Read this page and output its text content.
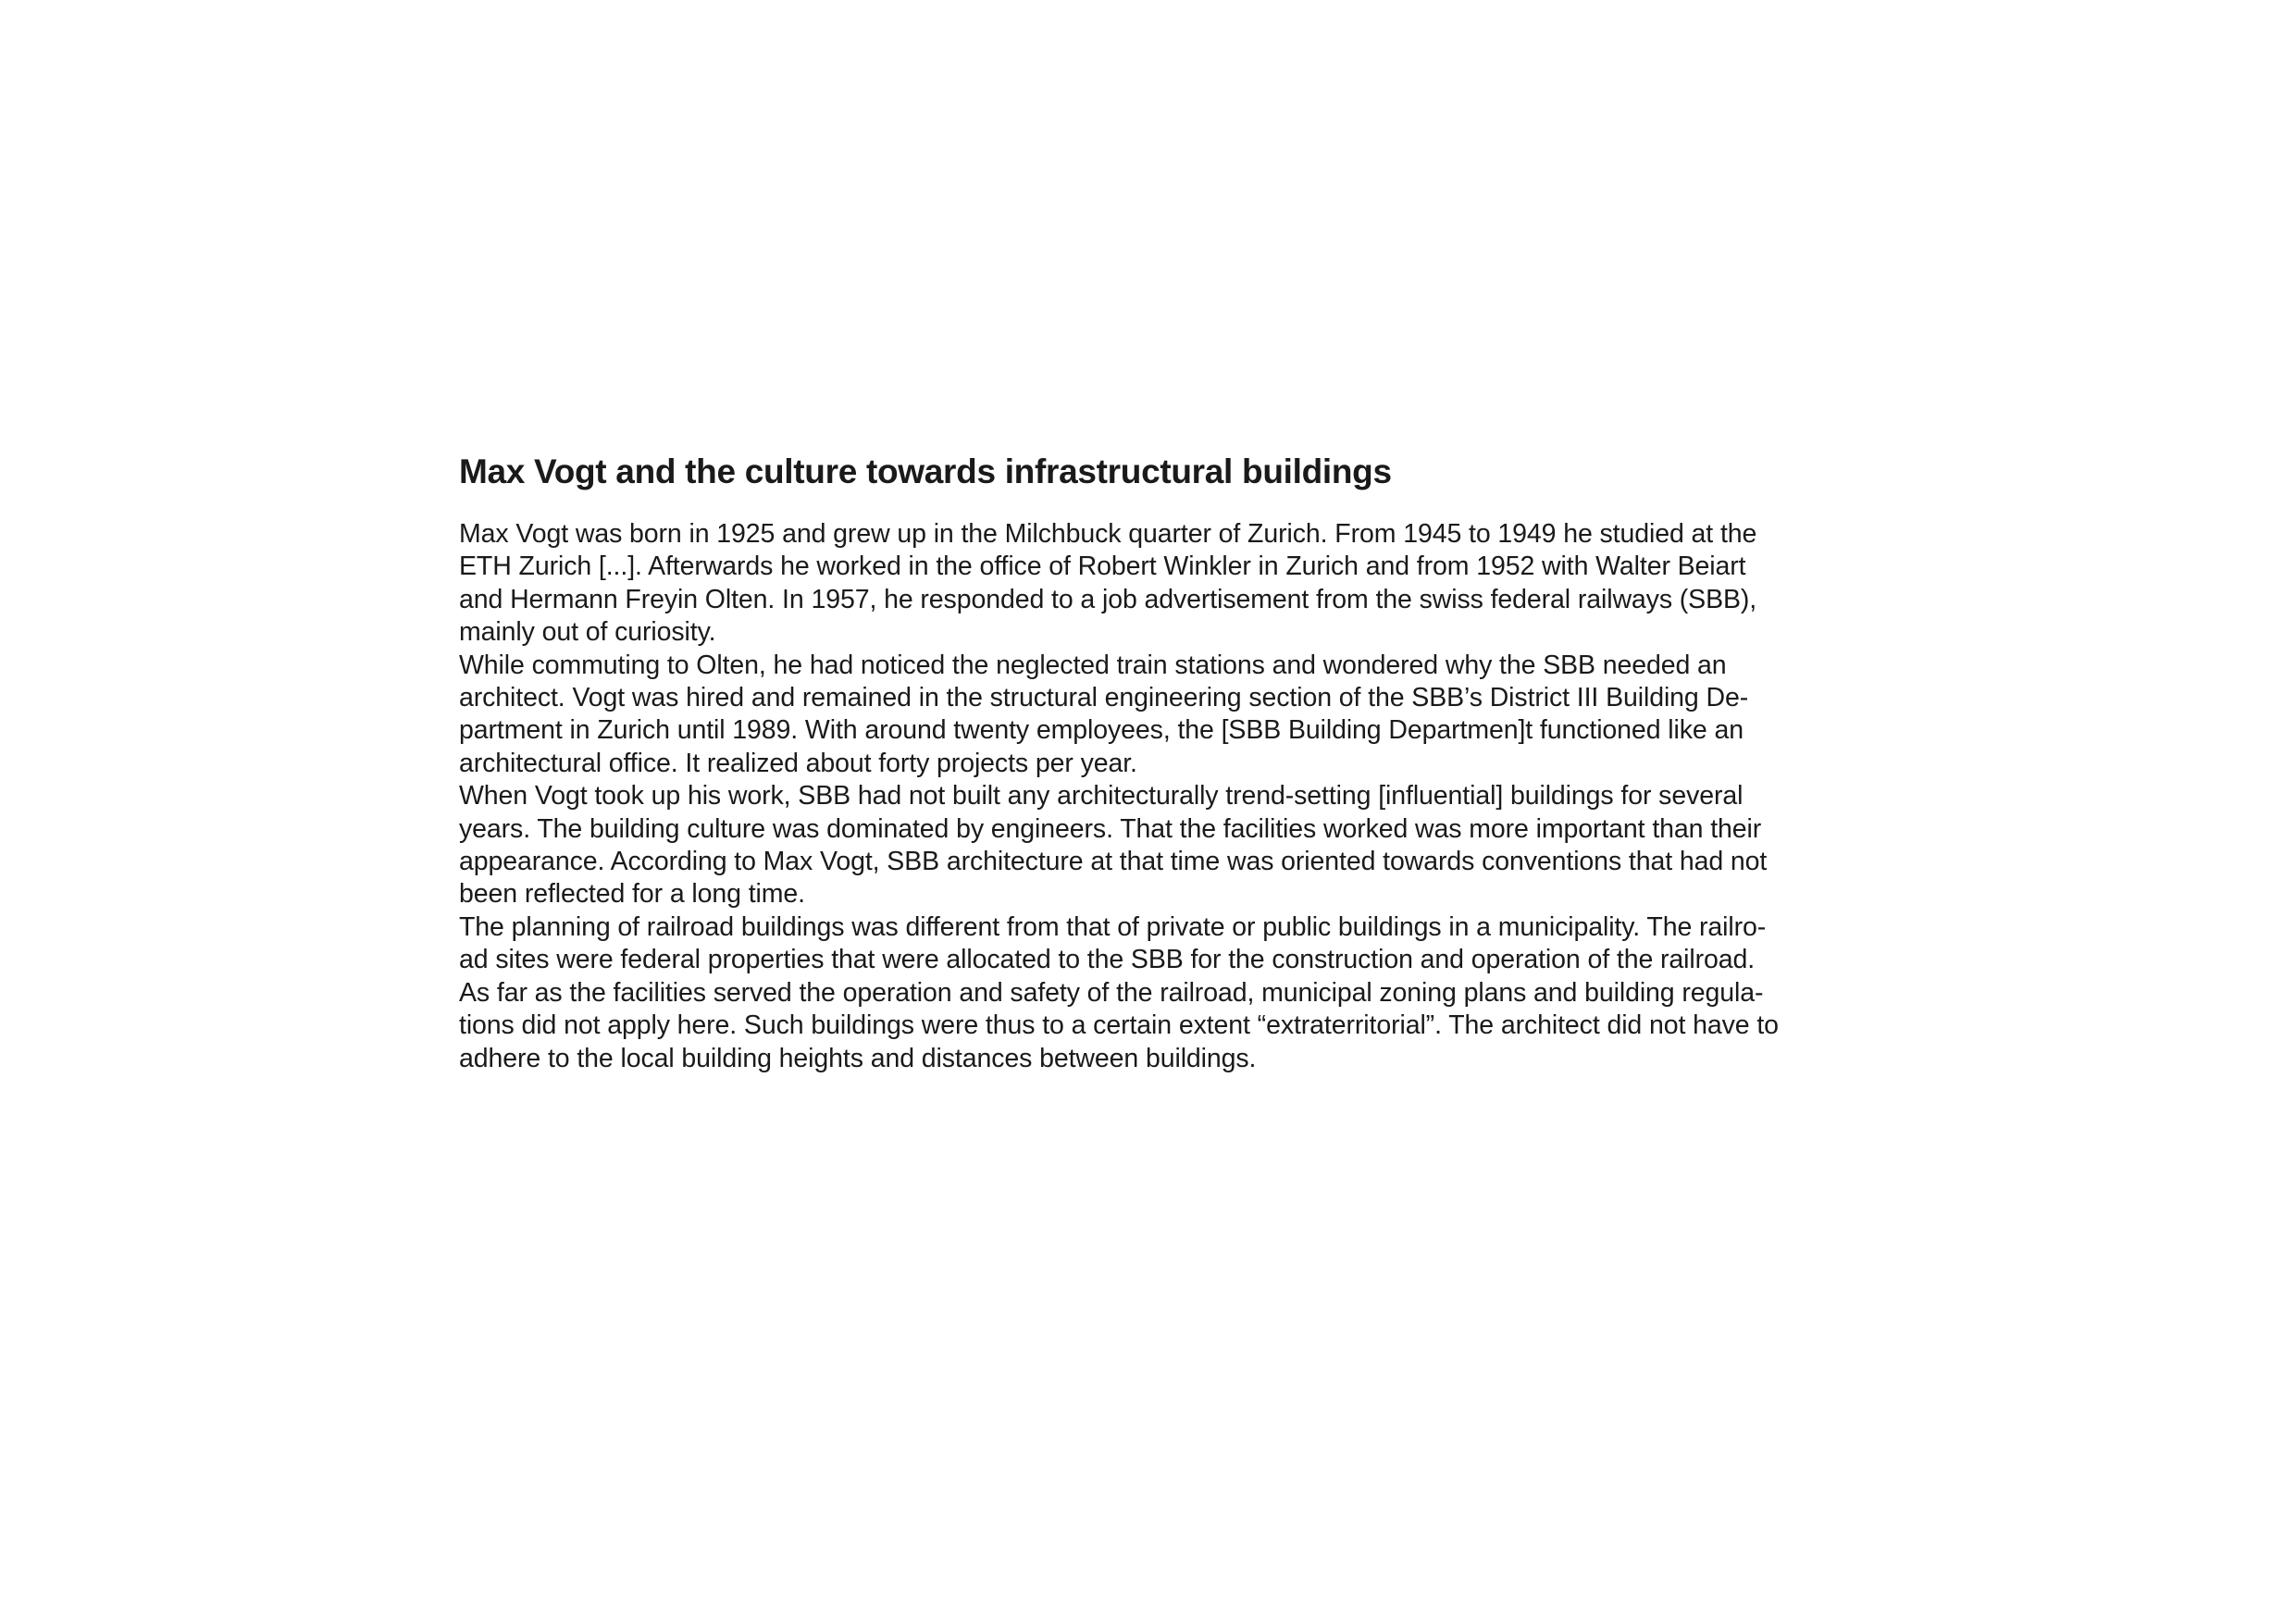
Max Vogt and the culture towards infrastructural buildings

Max Vogt was born in 1925 and grew up in the Milchbuck quarter of Zurich. From 1945 to 1949 he studied at the
ETH Zurich [...]. Afterwards he worked in the office of Robert Winkler in Zurich and from 1952 with Walter Beiart
and Hermann Freyin Olten. In 1957, he responded to a job advertisement from the swiss federal railways (SBB),
mainly out of curiosity.

While commuting to Olten, he had noticed the neglected train stations and wondered why the SBB needed an
architect. Vogt was hired and remained in the structural engineering section of the SBB’s District III Building De-
partment in Zurich until 1989. With around twenty employees, the [SBB Building Departmen]t functioned like an
architectural office. It realized about forty projects per year.

When Vogt took up his work, SBB had not built any architecturally trend-setting [influential] buildings for several
years. The building culture was dominated by engineers. That the facilities worked was more important than their
appearance. According to Max Vogt, SBB architecture at that time was oriented towards conventions that had not
been reflected for a long time.

The planning of railroad buildings was different from that of private or public buildings in a municipality. The railro-
ad sites were federal properties that were allocated to the SBB for the construction and operation of the railroad.
As far as the facilities served the operation and safety of the railroad, municipal zoning plans and building regula-
tions did not apply here. Such buildings were thus to a certain extent “extraterritorial”. The architect did not have to
adhere to the local building heights and distances between buildings.
